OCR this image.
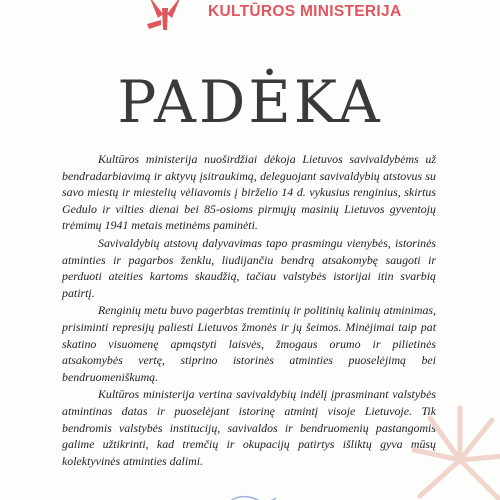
KULTŪROS MINISTERIJA
PADĖKA

Kultūros ministerija nuoširdžiai dėkoja Lietuvos savivaldybėms už bendradarbiavimą ir aktyvų įsitraukimą, deleguojant savivaldybių atstovus su savo miestų ir miestelių vėliavomis į birželio 14 d. vykusius renginius, skirtus Gedulo ir vilties dienai bei 85-osioms pirmųjų masinių Lietuvos gyventojų trėmimų 1941 metais metinėms paminėti.

Savivaldybių atstovų dalyvavimas tapo prasmingu vienybės, istorinės atminties ir pagarbos ženklu, liudijančiu bendrą atsakomybę saugoti ir perduoti ateities kartoms skaudžią, tačiau valstybės istorijai itin svarbią patirtį.

Renginių metu buvo pagerbtas tremtinių ir politinių kalinių atminimas, prisiminti represijų paliesti Lietuvos žmonės ir jų šeimos. Minėjimai taip pat skatino visuomenę apmąstyti laisvės, žmogaus orumo ir pilietinės atsakomybės vertę, stiprino istorinės atminties puoselėjimą bei bendruomeniškumą.

Kultūros ministerija vertina savivaldybių indėlį įprasminant valstybės atmintinas datas ir puoselėjant istorinę atmintį visoje Lietuvoje. Tik bendromis valstybės institucijų, savivaldos ir bendruomenių pastangomis galime užtikrinti, kad tremčių ir okupacijų patirtys išliktų gyva mūsų kolektyvinės atminties dalimi.
